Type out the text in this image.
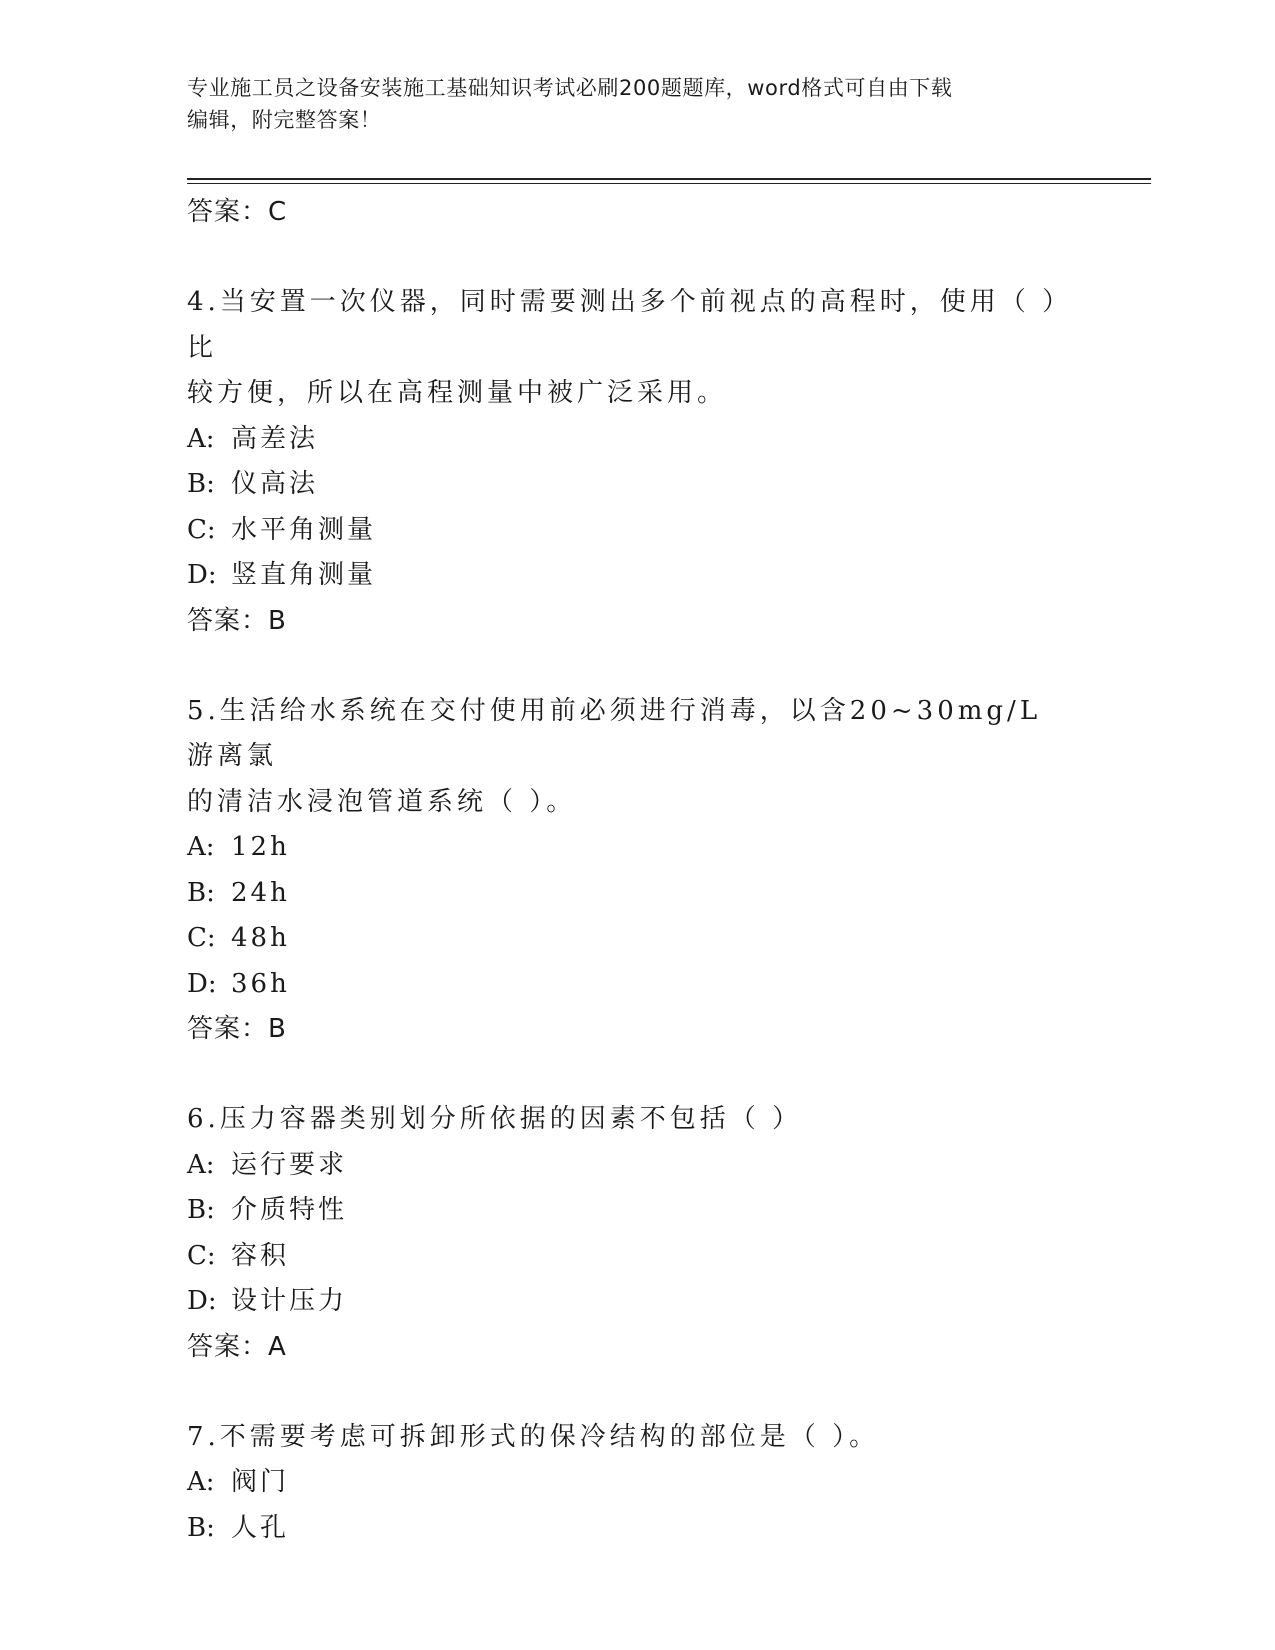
专业施工员之设备安装施工基础知识考试必刷200题题库，word格式可自由下载
编辑，附完整答案！
答案：C
4.当安置一次仪器，同时需要测出多个前视点的高程时，使用（ ）比
较方便，所以在高程测量中被广泛采用。
A: 高差法
B: 仪高法
C: 水平角测量
D: 竖直角测量
答案：B
5.生活给水系统在交付使用前必须进行消毒，以含20~30mg/L游离氯
的清洁水浸泡管道系统（ ）。
A: 12h
B: 24h
C: 48h
D: 36h
答案：B
6.压力容器类别划分所依据的因素不包括（ ）
A: 运行要求
B: 介质特性
C: 容积
D: 设计压力
答案：A
7.不需要考虑可拆卸形式的保冷结构的部位是（ ）。
A: 阀门
B: 人孔
